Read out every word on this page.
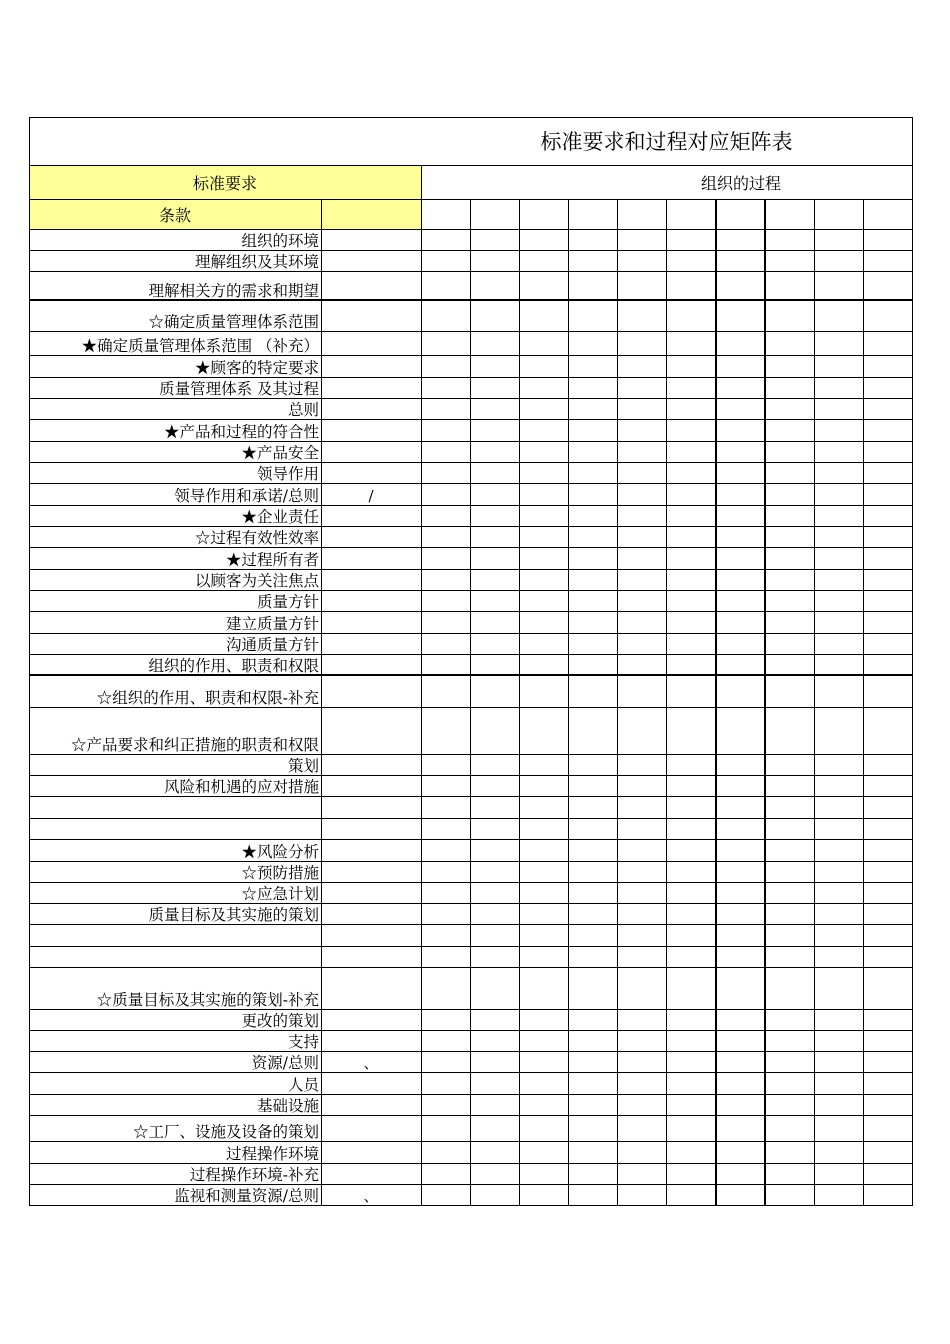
标准要求和过程对应矩阵表
标准要求	组织的过程
条款
组织的环境
理解组织及其环境
理解相关方的需求和期望
☆确定质量管理体系范围
★确定质量管理体系范围 （补充）
★顾客的特定要求
质量管理体系 及其过程
总则
★产品和过程的符合性
★产品安全
领导作用
领导作用和承诺/总则	/
★企业责任
☆过程有效性效率
★过程所有者
以顾客为关注焦点
质量方针
建立质量方针
沟通质量方针
组织的作用、职责和权限
☆组织的作用、职责和权限-补充
☆产品要求和纠正措施的职责和权限
策划
风险和机遇的应对措施
★风险分析
☆预防措施
☆应急计划
质量目标及其实施的策划
☆质量目标及其实施的策划-补充
更改的策划
支持
资源/总则	、
人员
基础设施
☆工厂、设施及设备的策划
过程操作环境
过程操作环境-补充
监视和测量资源/总则	、
